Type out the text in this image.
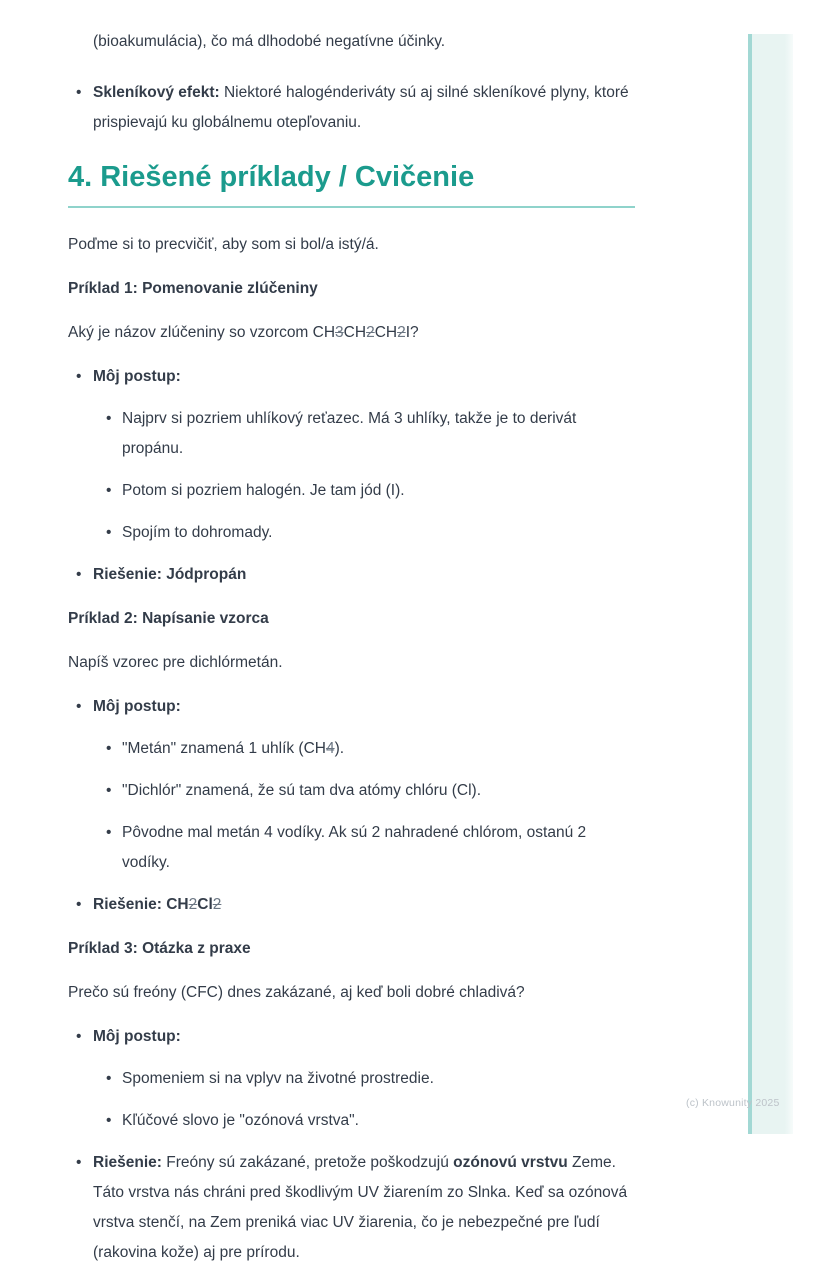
(c) Knowunity 2025

(bioakumulácia), čo má dlhodobé negatívne účinky.

• Skleníkový efekt: Niektoré halogénderiváty sú aj silné skleníkové plyny, ktoré prispievajú ku globálnemu otepľovaniu.
4. Riešené príklady / Cvičenie

Poďme si to precvičiť, aby som si bol/a istý/á.

Príklad 1: Pomenovanie zlúčeniny

Aký je názov zlúčeniny so vzorcom CH3CH2CH2I?

• Môj postup:
• Najprv si pozriem uhlíkový reťazec. Má 3 uhlíky, takže je to derivát propánu.
• Potom si pozriem halogén. Je tam jód (I).
• Spojím to dohromady.
• Riešenie: Jódpropán

Príklad 2: Napísanie vzorca

Napíš vzorec pre dichlórmetán.

• Môj postup:
• "Metán" znamená 1 uhlík (CH4).
• "Dichlór" znamená, že sú tam dva atómy chlóru (Cl).
• Pôvodne mal metán 4 vodíky. Ak sú 2 nahradené chlórom, ostanú 2 vodíky.
• Riešenie: CH2Cl2

Príklad 3: Otázka z praxe

Prečo sú freóny (CFC) dnes zakázané, aj keď boli dobré chladivá?

• Môj postup:
• Spomeniem si na vplyv na životné prostredie.
• Kľúčové slovo je "ozónová vrstva".
• Riešenie: Freóny sú zakázané, pretože poškodzujú ozónovú vrstvu Zeme. Táto vrstva nás chráni pred škodlivým UV žiarením zo Slnka. Keď sa ozónová vrstva stenčí, na Zem preniká viac UV žiarenia, čo je nebezpečné pre ľudí (rakovina kože) aj pre prírodu.
